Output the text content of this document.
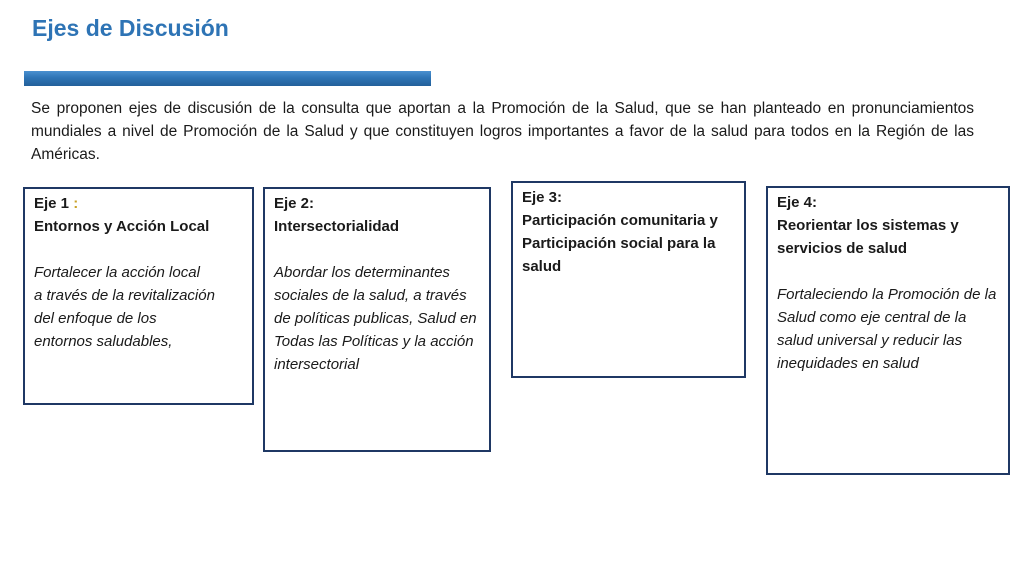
Ejes de Discusión
Se proponen ejes de discusión de la consulta que aportan a la Promoción de la Salud, que se han planteado en pronunciamientos mundiales a nivel de Promoción de la Salud y que constituyen logros importantes a favor de la salud para todos en la Región de las Américas.
Eje 1 :
Entornos y Acción Local
Fortalecer la acción local
a través de la revitalización
del enfoque de los
entornos saludables,
Eje 2:
Intersectorialidad
Abordar los determinantes sociales de la salud, a través de políticas publicas, Salud en Todas las Políticas y la acción intersectorial
Eje 3:
Participación comunitaria y Participación social para la salud
Eje 4:
Reorientar los sistemas y servicios de salud
Fortaleciendo la Promoción de la Salud como eje central de la salud universal y reducir las inequidades en salud
